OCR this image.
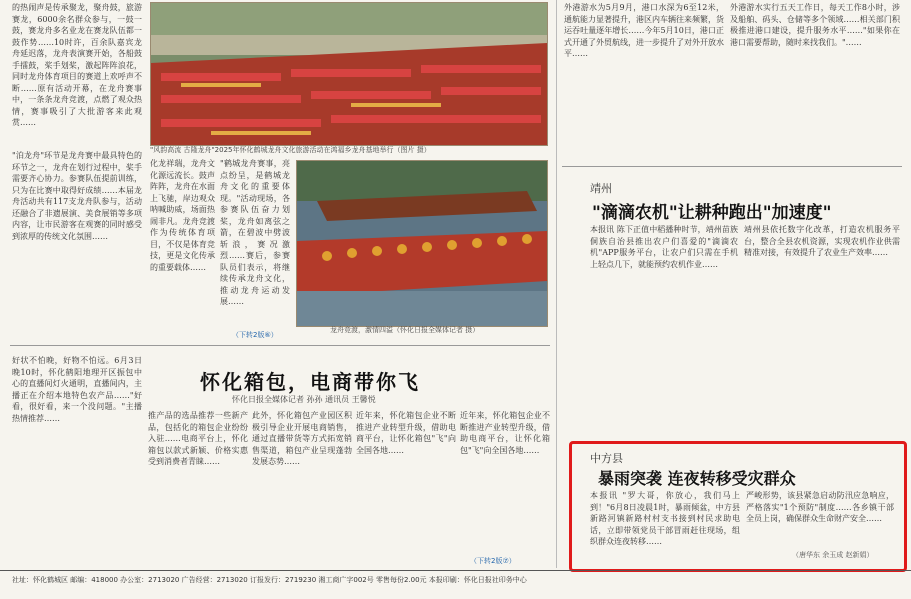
的热闹声是传承聚龙，聚舟鼓，旅游赛龙，6000余名群众参与，一鼓一鼓，赛龙舟多名业龙在赛龙队伍都一鼓作势……10时许，百余队嘉宾龙舟延迟落，龙舟表演赛开始，各船鼓手擂鼓，桨手划桨，激起阵阵浪花，同时龙舟体育项目的赛道上欢呼声不断……原有活动开幕，在龙舟赛事中，一条条龙舟竞渡，点燃了观众热情，赛事吸引了大批游客来此观赏……
"泊龙舟"环节是龙舟赛中最具特色的环节之一，龙舟在划行过程中，桨手需要齐心协力。参赛队伍提前训练，只为在比赛中取得好成绩……本届龙舟活动共有117支龙舟队参与，活动还融合了非遗展演、美食展销等多项内容，让市民游客在观赛的同时感受到浓厚的传统文化氛围……
"风韵高流 古隆龙舟"2025年怀化鹤城龙舟文化旅游活动在鸿福乡龙舟基地举行（图片 摄）
化龙祥瑞，龙舟文化源远流长。鼓声阵阵，龙舟在水面上飞驰，岸边观众呐喊助威，场面热闹非凡。龙舟竞渡作为传统体育项目，不仅是体育竞技，更是文化传承的重要载体……
"鹤城龙舟赛事，亮点纷呈，是鹤城龙舟文化的重要体现。"活动现场，各参赛队伍奋力划桨，龙舟如离弦之箭，在碧波中劈波斩浪，赛况激烈……赛后，参赛队员们表示，将继续传承龙舟文化，推动龙舟运动发展……
龙舟竞渡，激情四溢（怀化日报全媒体记者 摄）
（下转2版⑥）
好状不怕晚，好物不怕远。6月3日晚10时，怀化鹤阳地理开区振包中心的直播间灯火通明，直播间内，主播正在介绍本地特色农产品……"好看，很好看，来一个没问题。"主播热情推荐……
怀化箱包，电商带你飞
怀化日报全媒体记者 孙孙 通讯员 王馨悦
推产品的选品推荐一些新产品，包括化的箱包企业纷纷入驻……电商平台上，怀化箱包以款式新颖、价格实惠受到消费者青睐……
此外，怀化箱包产业园区积极引导企业开展电商销售，通过直播带货等方式拓宽销售渠道，箱包产业呈现蓬勃发展态势……
近年来，怀化箱包企业不断推进产业转型升级，借助电商平台，让怀化箱包"飞"向全国各地……
近年来，怀化箱包企业不断推进产业转型升级，借助电商平台，让怀化箱包"飞"向全国各地……
（下转2版⑦）
外港游水为5月9月，港口水深为6至12米，通航能力显著提升，港区内车辆往来频繁，货运吞吐量逐年增长……今年5月10日，港口正式开通了外贸航线，进一步提升了对外开放水平……
外港游水实行五天工作日，每天工作8小时，涉及船舶、码头、仓储等多个领域……相关部门积极推进港口建设，提升服务水平……"如果你在港口需要帮助，随时来找我们。"……
靖州
"滴滴农机"让耕种跑出"加速度"
本报讯 陈下正值中稻播种时节，靖州苗族侗族自治县推出农户们喜爱的"滴滴农机"APP服务平台，让农户们只需在手机上轻点几下，就能预约农机作业……
靖州县依托数字化改革，打造农机服务平台，整合全县农机资源，实现农机作业供需精准对接，有效提升了农业生产效率……
中方县
暴雨突袭 连夜转移受灾群众
本报讯 "罗大哥，你放心，我们马上到！"6月8日凌晨1时，暴雨倾盆，中方县新路河镇新路村村支书接到村民求助电话，立即带领党员干部冒雨赶往现场，组织群众连夜转移……
严峻形势，该县紧急启动防汛应急响应，严格落实"1个预防"制度……各乡镇干部全员上岗，确保群众生命财产安全……
（唐华东 余玉成 赵新娟）
社址：怀化鹤城区 邮编：418000 办公室：2713020 广告经营：2713020 订报发行：2719230 湘工商广字002号 零售每份2.00元 本报印刷：怀化日报社印务中心
